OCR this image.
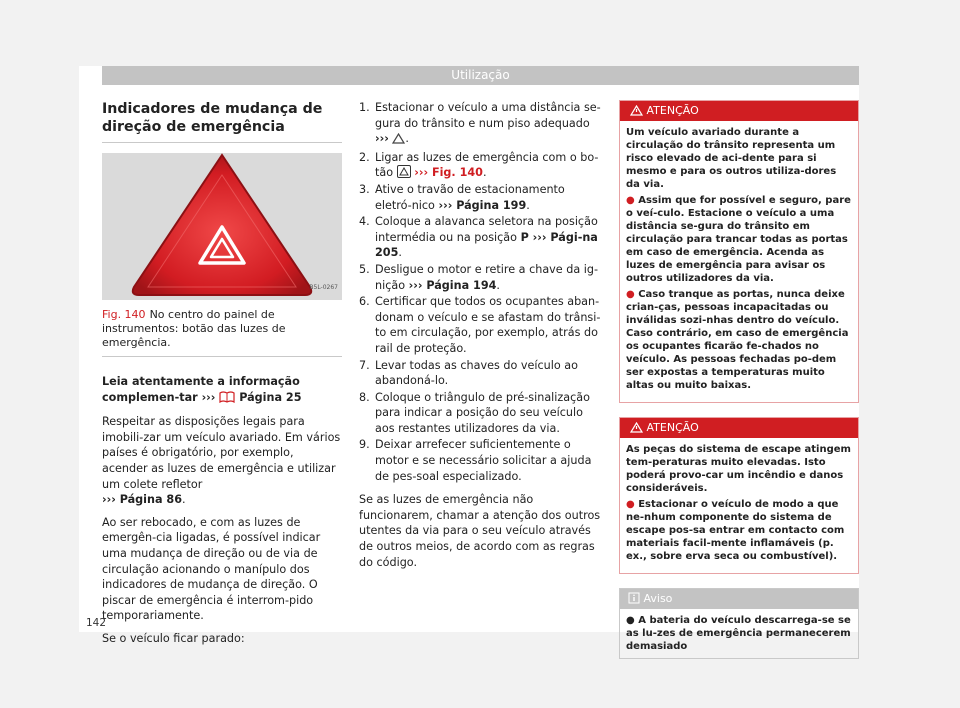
Utilização
Indicadores de mudança de direção de emergência
B5L-0267
Fig. 140 No centro do painel de instrumentos: botão das luzes de emergência.

Leia atentamente a informação complemen-tar ››› Página 25

Respeitar as disposições legais para imobili-zar um veículo avariado. Em vários países é obrigatório, por exemplo, acender as luzes de emergência e utilizar um colete refletor
››› Página 86.

Ao ser rebocado, e com as luzes de emergên-cia ligadas, é possível indicar uma mudança de direção ou de via de circulação acionando o manípulo dos indicadores de mudança de direção. O piscar de emergência é interrom-pido temporariamente.

Se o veículo ficar parado:

1. Estacionar o veículo a uma distância se-gura do trânsito e num piso adequado
››› .
2. Ligar as luzes de emergência com o bo-tão ››› Fig. 140.
3. Ative o travão de estacionamento eletró-nico ››› Página 199.
4. Coloque a alavanca seletora na posição intermédia ou na posição P ››› Pági-na 205.
5. Desligue o motor e retire a chave da ig-nição ››› Página 194.
6. Certificar que todos os ocupantes aban-donam o veículo e se afastam do trânsi-to em circulação, por exemplo, atrás do rail de proteção.
7. Levar todas as chaves do veículo ao abandoná-lo.
8. Coloque o triângulo de pré-sinalização para indicar a posição do seu veículo aos restantes utilizadores da via.
9. Deixar arrefecer suficientemente o motor e se necessário solicitar a ajuda de pes-soal especializado.

Se as luzes de emergência não funcionarem, chamar a atenção dos outros utentes da via para o seu veículo através de outros meios, de acordo com as regras do código.

ATENÇÃO

Um veículo avariado durante a circulação do trânsito representa um risco elevado de aci-dente para si mesmo e para os outros utiliza-dores da via.

● Assim que for possível e seguro, pare o veí-culo. Estacione o veículo a uma distância se-gura do trânsito em circulação para trancar todas as portas em caso de emergência. Acenda as luzes de emergência para avisar os outros utilizadores da via.

● Caso tranque as portas, nunca deixe crian-ças, pessoas incapacitadas ou inválidas sozi-nhas dentro do veículo. Caso contrário, em caso de emergência os ocupantes ficarão fe-chados no veículo. As pessoas fechadas po-dem ser expostas a temperaturas muito altas ou muito baixas.

ATENÇÃO

As peças do sistema de escape atingem tem-peraturas muito elevadas. Isto poderá provo-car um incêndio e danos consideráveis.

● Estacionar o veículo de modo a que ne-nhum componente do sistema de escape pos-sa entrar em contacto com materiais facil-mente inflamáveis (p. ex., sobre erva seca ou combustível).

Aviso

● A bateria do veículo descarrega-se se as lu-zes de emergência permanecerem demasiado

142
